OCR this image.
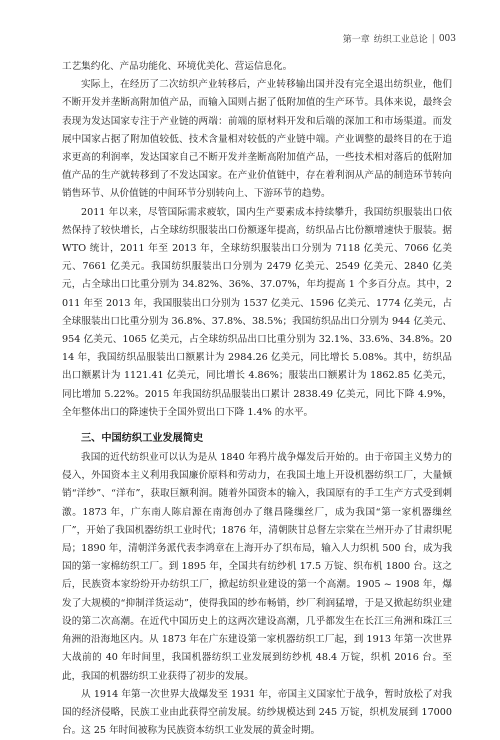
第一章 纺织工业总论 | 003

工艺集约化、产品功能化、环境优美化、营运信息化。

实际上，在经历了二次纺织产业转移后，产业转移输出国并没有完全退出纺织业，他们不断开发并垄断高附加值产品，而输入国则占据了低附加值的生产环节。具体来说，最终会表现为发达国家专注于产业链的两端：前端的原材料开发和后端的深加工和市场渠道。而发展中国家占据了附加值较低、技术含量相对较低的产业链中端。产业调整的最终目的在于追求更高的利润率，发达国家自己不断开发并垄断高附加值产品，一些技术相对落后的低附加值产品的生产就转移到了不发达国家。在产业价值链中，存在着利润从产品的制造环节转向销售环节、从价值链的中间环节分别转向上、下游环节的趋势。

2011 年以来，尽管国际需求疲软，国内生产要素成本持续攀升，我国纺织服装出口依然保持了较快增长，占全球纺织服装出口份额逐年提高，纺织品占比份额增速快于服装。据 WTO 统计，2011 年至 2013 年，全球纺织服装出口分别为 7118 亿美元、7066 亿美元、7661 亿美元。我国纺织服装出口分别为 2479 亿美元、2549 亿美元、2840 亿美元，占全球出口比重分别为 34.82%、36%、37.07%，年均提高 1 个多百分点。其中，2011 年至 2013 年，我国服装出口分别为 1537 亿美元、1596 亿美元、1774 亿美元，占全球服装出口比重分别为 36.8%、37.8%、38.5%；我国纺织品出口分别为 944 亿美元、954 亿美元、1065 亿美元，占全球纺织品出口比重分别为 32.1%、33.6%、34.8%。2014 年，我国纺织品服装出口额累计为 2984.26 亿美元，同比增长 5.08%。其中，纺织品出口额累计为 1121.41 亿美元，同比增长 4.86%；服装出口额累计为 1862.85 亿美元，同比增加 5.22%。2015 年我国纺织品服装出口累计 2838.49 亿美元，同比下降 4.9%，全年整体出口的降速快于全国外贸出口下降 1.4% 的水平。

三、中国纺织工业发展简史

我国的近代纺织业可以认为是从 1840 年鸦片战争爆发后开始的。由于帝国主义势力的侵入，外国资本主义利用我国廉价原料和劳动力，在我国土地上开设机器纺织工厂，大量倾销“洋纱”、“洋布”，获取巨额利润。随着外国资本的输入，我国原有的手工生产方式受到刺激。1873 年，广东南人陈启源在南海创办了继昌隆缫丝厂，成为我国“第一家机器缫丝厂”，开始了我国机器纺织工业时代；1876 年，清朝陕甘总督左宗棠在兰州开办了甘肃织呢局；1890 年，清朝洋务派代表李鸿章在上海开办了织布局，输入人力织机 500 台，成为我国的第一家棉纺织工厂。到 1895 年，全国共有纺纱机 17.5 万锭、织布机 1800 台。这之后，民族资本家纷纷开办纺织工厂，掀起纺织业建设的第一个高潮。1905 ~ 1908 年，爆发了大规模的“抑制洋货运动”，使得我国的纱布畅销，纱厂利润猛增，于是又掀起纺织业建设的第二次高潮。在近代中国历史上的这两次建设高潮，几乎都发生在长江三角洲和珠江三角洲的沿海地区内。从 1873 年在广东建设第一家机器纺织工厂起，到 1913 年第一次世界大战前的 40 年时间里，我国机器纺织工业发展到纺纱机 48.4 万锭，织机 2016 台。至此，我国的机器纺织工业获得了初步的发展。

从 1914 年第一次世界大战爆发至 1931 年，帝国主义国家忙于战争，暂时放松了对我国的经济侵略，民族工业由此获得空前发展。纺纱规模达到 245 万锭，织机发展到 17000 台。这 25 年时间被称为民族资本纺织工业发展的黄金时期。
